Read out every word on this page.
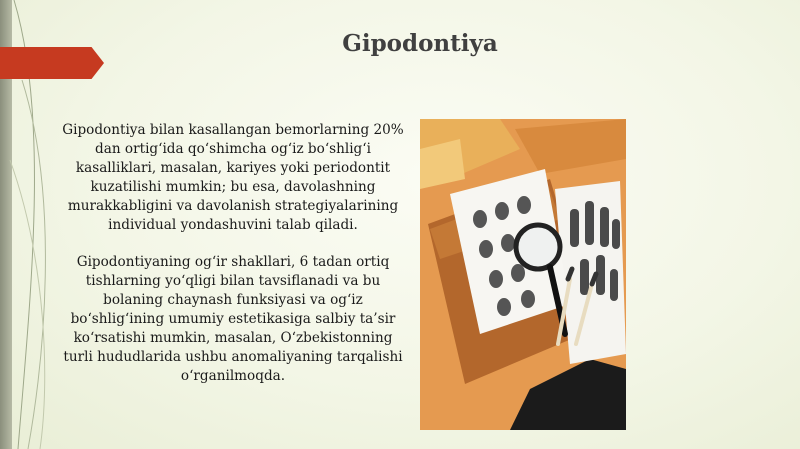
Gipodontiya

Gipodontiya bilan kasallangan bemorlarning 20% dan ortig‘ida qo‘shimcha og‘iz bo‘shlig‘i kasalliklari, masalan, kariyes yoki periodontit kuzatilishi mumkin; bu esa, davolashning murakkabligini va davolanish strategiyalarining individual yondashuvini talab qiladi.

Gipodontiyaning og‘ir shakllari, 6 tadan ortiq tishlarning yo‘qligi bilan tavsiflanadi va bu bolaning chaynash funksiyasi va og‘iz bo‘shlig‘ining umumiy estetikasiga salbiy ta’sir ko‘rsatishi mumkin, masalan, O‘zbekistonning turli hududlarida ushbu anomaliyaning tarqalishi o‘rganilmoqda.
